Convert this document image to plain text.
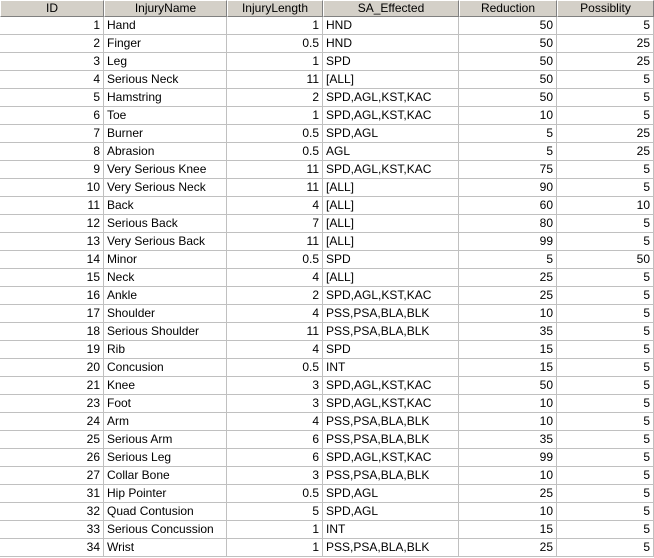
ID	InjuryName	InjuryLength	SA_Effected	Reduction	Possiblity
1 Hand	1 HND	50	5
2 Finger	0.5 HND	50	25
3 Leg	1 SPD	50	25
4 Serious Neck	11 [ALL]	50	5
5 Hamstring	2 SPD,AGL,KST,KAC	50	5
6 Toe	1 SPD,AGL,KST,KAC	10	5
7 Burner	0.5 SPD,AGL	5	25
8 Abrasion	0.5 AGL	5	25
9 Very Serious Knee	11 SPD,AGL,KST,KAC	75	5
10 Very Serious Neck	11 [ALL]	90	5
11 Back	4 [ALL]	60	10
12 Serious Back	7 [ALL]	80	5
13 Very Serious Back	11 [ALL]	99	5
14 Minor	0.5 SPD	5	50
15 Neck	4 [ALL]	25	5
16 Ankle	2 SPD,AGL,KST,KAC	25	5
17 Shoulder	4 PSS,PSA,BLA,BLK	10	5
18 Serious Shoulder	11 PSS,PSA,BLA,BLK	35	5
19 Rib	4 SPD	15	5
20 Concusion	0.5 INT	15	5
21 Knee	3 SPD,AGL,KST,KAC	50	5
23 Foot	3 SPD,AGL,KST,KAC	10	5
24 Arm	4 PSS,PSA,BLA,BLK	10	5
25 Serious Arm	6 PSS,PSA,BLA,BLK	35	5
26 Serious Leg	6 SPD,AGL,KST,KAC	99	5
27 Collar Bone	3 PSS,PSA,BLA,BLK	10	5
31 Hip Pointer	0.5 SPD,AGL	25	5
32 Quad Contusion	5 SPD,AGL	10	5
33 Serious Concussion	1 INT	15	5
34 Wrist	1 PSS,PSA,BLA,BLK	25	5
